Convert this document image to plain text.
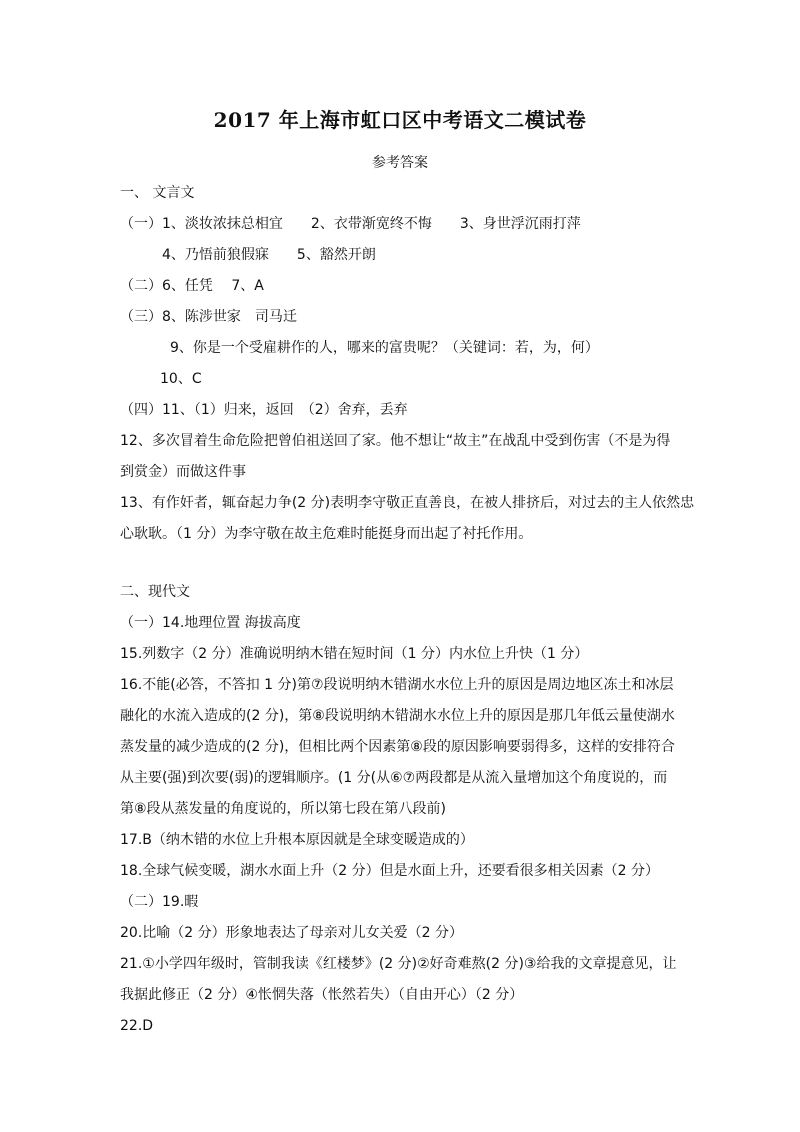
2017 年上海市虹口区中考语文二模试卷
参考答案
一、 文言文
（一）1、淡妆浓抹总相宜　　2、衣带渐宽终不悔　　3、身世浮沉雨打萍
4、乃悟前狼假寐　　5、豁然开朗
（二）6、任凭　 7、A
（三）8、陈涉世家　司马迁
9、你是一个受雇耕作的人，哪来的富贵呢？（关键词：若，为，何）
10、C
（四）11、（1）归来，返回　（2）舍弃，丢弃
12、多次冒着生命危险把曾伯祖送回了家。他不想让“故主”在战乱中受到伤害（不是为得
到赏金）而做这件事
13、有作奸者，辄奋起力争(2 分)表明李守敬正直善良，在被人排挤后，对过去的主人依然忠
心耿耿。（1 分）为李守敬在故主危难时能挺身而出起了衬托作用。
二、现代文
（一）14.地理位置 海拔高度
15.列数字（2 分）准确说明纳木错在短时间（1 分）内水位上升快（1 分）
16.不能(必答，不答扣 1 分)第⑦段说明纳木错湖水水位上升的原因是周边地区冻土和冰层
融化的水流入造成的(2 分)，第⑧段说明纳木错湖水水位上升的原因是那几年低云量使湖水
蒸发量的减少造成的(2 分)，但相比两个因素第⑧段的原因影响要弱得多，这样的安排符合
从主要(强)到次要(弱)的逻辑顺序。(1 分(从⑥⑦两段都是从流入量增加这个角度说的，而
第⑧段从蒸发量的角度说的，所以第七段在第八段前)
17.B（纳木错的水位上升根本原因就是全球变暖造成的）
18.全球气候变暖，湖水水面上升（2 分）但是水面上升，还要看很多相关因素（2 分）
（二）19.暇
20.比喻（2 分）形象地表达了母亲对儿女关爱（2 分）
21.①小学四年级时，管制我读《红楼梦》(2 分)②好奇难熬(2 分)③给我的文章提意见，让
我据此修正（2 分）④怅惘失落（怅然若失）（自由开心）（2 分）
22.D
